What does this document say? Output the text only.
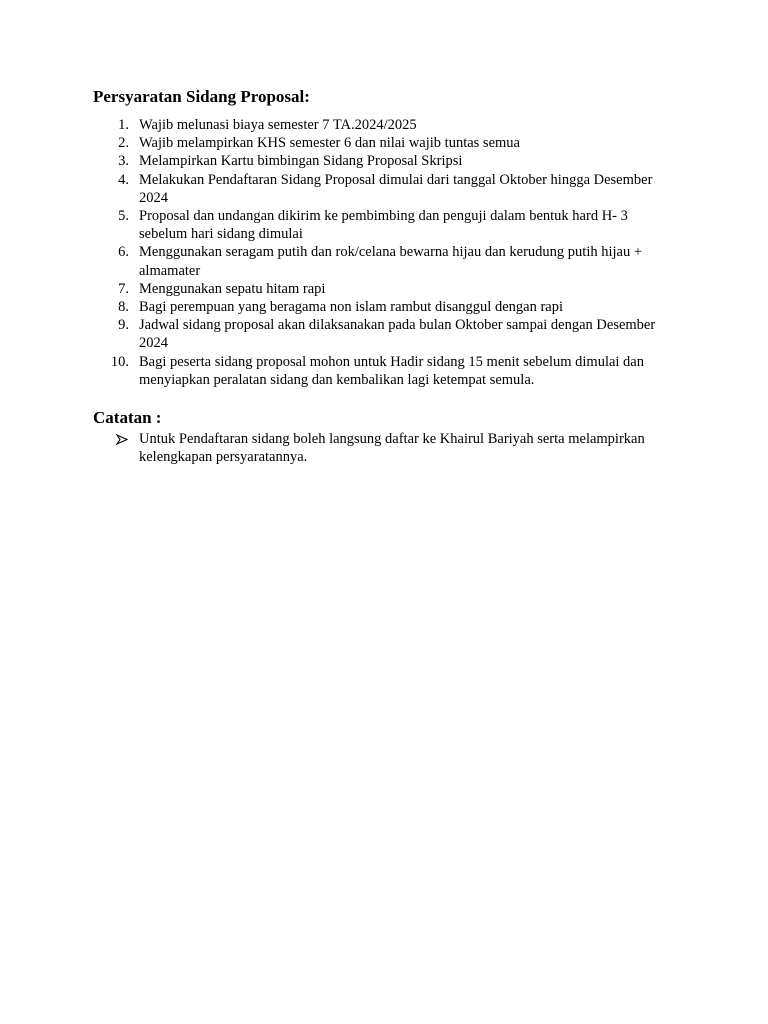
Persyaratan Sidang Proposal:
1. Wajib melunasi biaya semester 7 TA.2024/2025
2. Wajib melampirkan KHS semester 6 dan nilai wajib tuntas semua
3. Melampirkan Kartu bimbingan Sidang Proposal Skripsi
4. Melakukan Pendaftaran Sidang Proposal dimulai dari tanggal Oktober hingga Desember 2024
5. Proposal dan undangan dikirim ke pembimbing dan penguji dalam bentuk hard H- 3 sebelum hari sidang dimulai
6. Menggunakan seragam putih dan rok/celana bewarna hijau dan kerudung putih hijau + almamater
7. Menggunakan sepatu hitam rapi
8. Bagi perempuan yang beragama non islam rambut disanggul dengan rapi
9. Jadwal sidang proposal akan dilaksanakan pada bulan Oktober sampai dengan Desember 2024
10. Bagi peserta sidang proposal mohon untuk Hadir sidang 15 menit sebelum dimulai dan menyiapkan peralatan sidang dan kembalikan lagi ketempat semula.
Catatan :
Untuk Pendaftaran sidang boleh langsung daftar ke Khairul Bariyah serta melampirkan kelengkapan persyaratannya.
